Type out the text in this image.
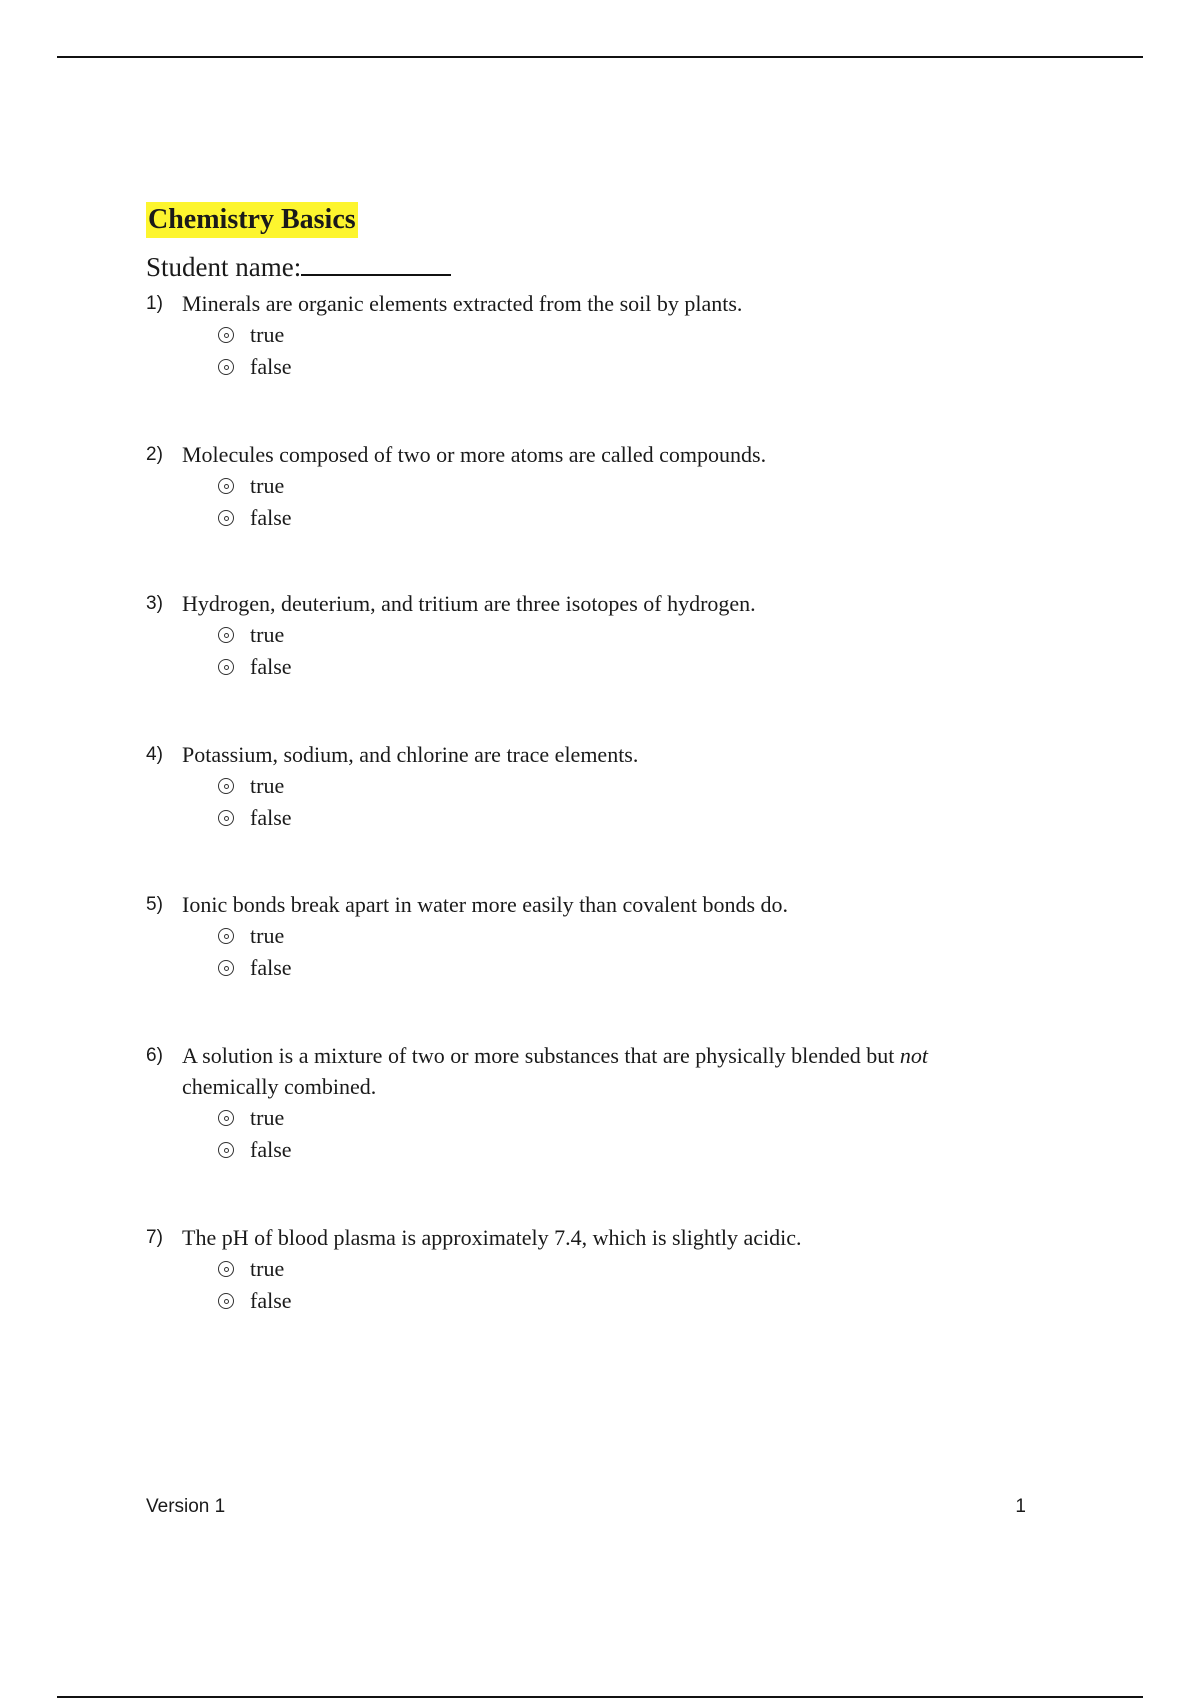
Chemistry Basics
Student name:
1) Minerals are organic elements extracted from the soil by plants.
true
false
2) Molecules composed of two or more atoms are called compounds.
true
false
3) Hydrogen, deuterium, and tritium are three isotopes of hydrogen.
true
false
4) Potassium, sodium, and chlorine are trace elements.
true
false
5) Ionic bonds break apart in water more easily than covalent bonds do.
true
false
6) A solution is a mixture of two or more substances that are physically blended but not chemically combined.
true
false
7) The pH of blood plasma is approximately 7.4, which is slightly acidic.
true
false
Version 1	1
